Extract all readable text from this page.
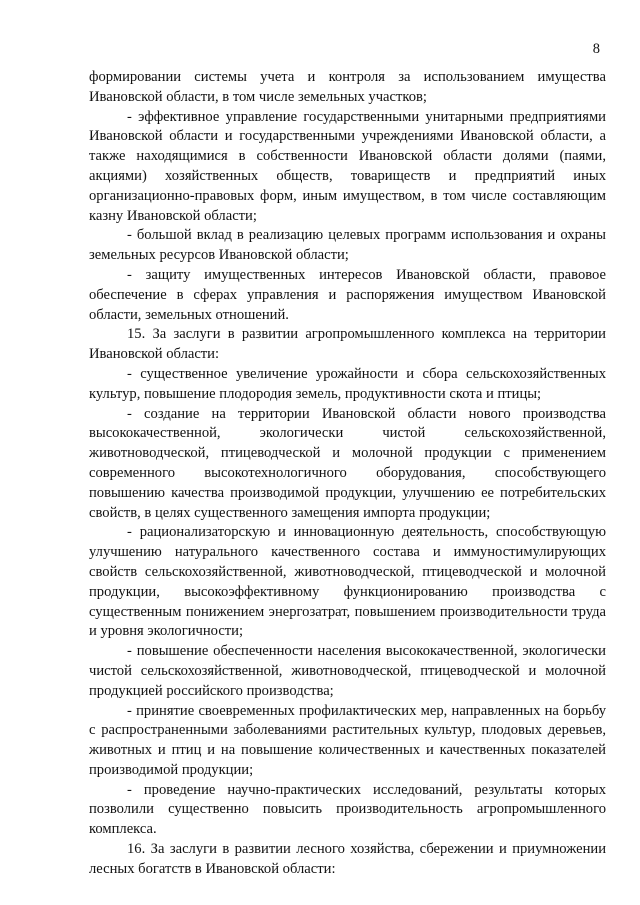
8

формировании системы учета и контроля за использованием имущества Ивановской области, в том числе земельных участков;

- эффективное управление государственными унитарными предприятиями Ивановской области и государственными учреждениями Ивановской области, а также находящимися в собственности Ивановской области долями (паями, акциями) хозяйственных обществ, товариществ и предприятий иных организационно-правовых форм, иным имуществом, в том числе составляющим казну Ивановской области;

- большой вклад в реализацию целевых программ использования и охраны земельных ресурсов Ивановской области;

- защиту имущественных интересов Ивановской области, правовое обеспечение в сферах управления и распоряжения имуществом Ивановской области, земельных отношений.

15. За заслуги в развитии агропромышленного комплекса на территории Ивановской области:

- существенное увеличение урожайности и сбора сельскохозяйственных культур, повышение плодородия земель, продуктивности скота и птицы;

- создание на территории Ивановской области нового производства высококачественной, экологически чистой сельскохозяйственной, животноводческой, птицеводческой и молочной продукции с применением современного высокотехнологичного оборудования, способствующего повышению качества производимой продукции, улучшению ее потребительских свойств, в целях существенного замещения импорта продукции;

- рационализаторскую и инновационную деятельность, способствующую улучшению натурального качественного состава и иммуностимулирующих свойств сельскохозяйственной, животноводческой, птицеводческой и молочной продукции, высокоэффективному функционированию производства с существенным понижением энергозатрат, повышением производительности труда и уровня экологичности;

- повышение обеспеченности населения высококачественной, экологически чистой сельскохозяйственной, животноводческой, птицеводческой и молочной продукцией российского производства;

- принятие своевременных профилактических мер, направленных на борьбу с распространенными заболеваниями растительных культур, плодовых деревьев, животных и птиц и на повышение количественных и качественных показателей производимой продукции;

- проведение научно-практических исследований, результаты которых позволили существенно повысить производительность агропромышленного комплекса.

16. За заслуги в развитии лесного хозяйства, сбережении и приумножении лесных богатств в Ивановской области:
